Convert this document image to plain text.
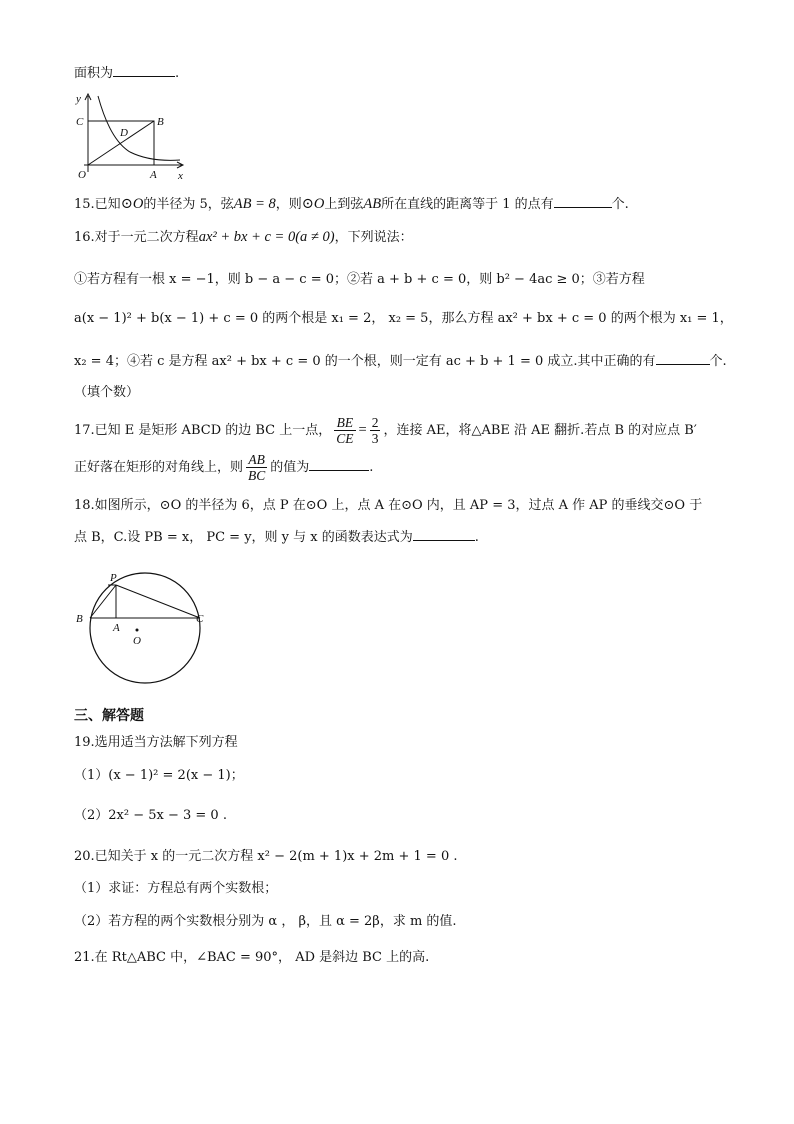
面积为	.
y
x
C	B
D
O	A
15.已知⊙O的半径为 5，弦AB = 8，则⊙O上到弦AB所在直线的距离等于 1 的点有	个.
16.对于一元二次方程ax² + bx + c = 0(a ≠ 0)，下列说法：
①若方程有一根 x = −1，则 b − a − c = 0；②若 a + b + c = 0，则 b² − 4ac ≥ 0；③若方程
a(x − 1)² + b(x − 1) + c = 0 的两个根是 x₁ = 2， x₂ = 5，那么方程 ax² + bx + c = 0 的两个根为 x₁ = 1，
x₂ = 4；④若 c 是方程 ax² + bx + c = 0 的一个根，则一定有 ac + b + 1 = 0 成立.其中正确的有	个.
（填个数）
17.已知 E 是矩形 ABCD 的边 BC 上一点， $\frac{BE}{CE} = \frac{2}{3}$ ，连接 AE，将△ABE 沿 AE 翻折.若点 B 的对应点 B′
正好落在矩形的对角线上，则 $\frac{AB}{BC}$ 的值为	.
18.如图所示，⊙O 的半径为 6，点 P 在⊙O 上，点 A 在⊙O 内，且 AP = 3，过点 A 作 AP 的垂线交⊙O 于
点 B，C.设 PB = x， PC = y，则 y 与 x 的函数表达式为	.
P
B
A
C
O
三、解答题
19.选用适当方法解下列方程
（1）(x − 1)² = 2(x − 1)；
（2）2x² − 5x − 3 = 0 .
20.已知关于 x 的一元二次方程 x² − 2(m + 1)x + 2m + 1 = 0 .
（1）求证：方程总有两个实数根；
（2）若方程的两个实数根分别为 α ， β，且 α = 2β，求 m 的值.
21.在 Rt△ABC 中，∠BAC = 90°， AD 是斜边 BC 上的高.
